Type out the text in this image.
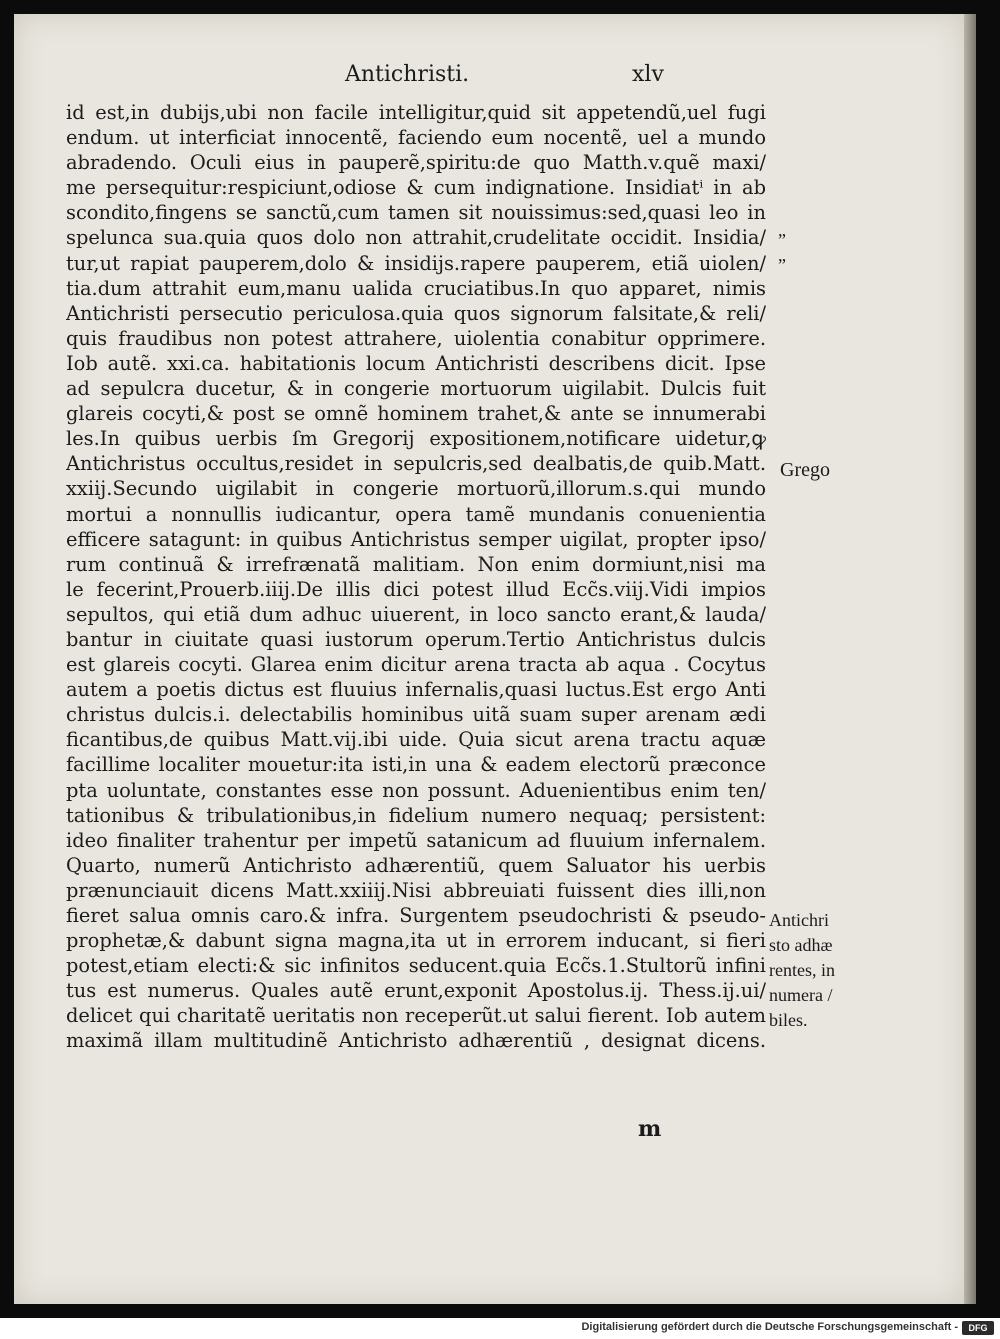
Antichristi.	xlv
id est,in dubijs,ubi non facile intelligitur,quid sit appetendũ,uel fugi
endum. ut interficiat innocentẽ, faciendo eum nocentẽ, uel a mundo
abradendo. Oculi eius in pauperẽ,spiritu:de quo Matth.v.quẽ maxi/
me persequitur:respiciunt,odiose & cum indignatione. Insidiatⁱ in ab
scondito,fingens se sanctũ,cum tamen sit nouissimus:sed,quasi leo in
spelunca sua.quia quos dolo non attrahit,crudelitate occidit. Insidia/
tur,ut rapiat pauperem,dolo & insidijs.rapere pauperem, etiã uiolen/
tia.dum attrahit eum,manu ualida cruciatibus.In quo apparet, nimis
Antichristi persecutio periculosa.quia quos signorum falsitate,& reli/
quis fraudibus non potest attrahere, uiolentia conabitur opprimere.
Iob autẽ. xxi.ca. habitationis locum Antichristi describens dicit. Ipse
ad sepulcra ducetur, & in congerie mortuorum uigilabit. Dulcis fuit
glareis cocyti,& post se omnẽ hominem trahet,& ante se innumerabi
les.In quibus uerbis ſm Gregorij expositionem,notificare uidetur,ꝙ
Antichristus occultus,residet in sepulcris,sed dealbatis,de quib.Matt.
xxiij.Secundo uigilabit in congerie mortuorũ,illorum.s.qui mundo
mortui a nonnullis iudicantur, opera tamẽ mundanis conuenientia
efficere satagunt: in quibus Antichristus semper uigilat, propter ipso/
rum continuã & irrefrænatã malitiam. Non enim dormiunt,nisi ma
le fecerint,Prouerb.iiij.De illis dici potest illud Ecc̃s.viij.Vidi impios
sepultos, qui etiã dum adhuc uiuerent, in loco sancto erant,& lauda/
bantur in ciuitate quasi iustorum operum.Tertio Antichristus dulcis
est glareis cocyti. Glarea enim dicitur arena tracta ab aqua . Cocytus
autem a poetis dictus est fluuius infernalis,quasi luctus.Est ergo Anti
christus dulcis.i. delectabilis hominibus uitã suam super arenam ædi
ficantibus,de quibus Matt.vij.ibi uide. Quia sicut arena tractu aquæ
facillime localiter mouetur:ita isti,in una & eadem electorũ præconce
pta uoluntate, constantes esse non possunt. Aduenientibus enim ten/
tationibus & tribulationibus,in fidelium numero nequaq; persistent:
ideo finaliter trahentur per impetũ satanicum ad fluuium infernalem.
Quarto, numerũ Antichristo adhærentiũ, quem Saluator his uerbis
prænunciauit dicens Matt.xxiiij.Nisi abbreuiati fuissent dies illi,non
fieret salua omnis caro.& infra. Surgentem pseudochristi & pseudo-
prophetæ,& dabunt signa magna,ita ut in errorem inducant, si fieri
potest,etiam electi:& sic infinitos seducent.quia Ecc̃s.1.Stultorũ infini
tus est numerus. Quales autẽ erunt,exponit Apostolus.ij. Thess.ij.ui/
delicet qui charitatẽ ueritatis non receperũt.ut salui fierent. Iob autem
maximã illam multitudinẽ Antichristo adhærentiũ , designat dicens.
”
”
Grego
Antichri
sto adhæ
rentes, in
numera /
biles.
m
Digitalisierung gefördert durch die Deutsche Forschungsgemeinschaft -	DFG
